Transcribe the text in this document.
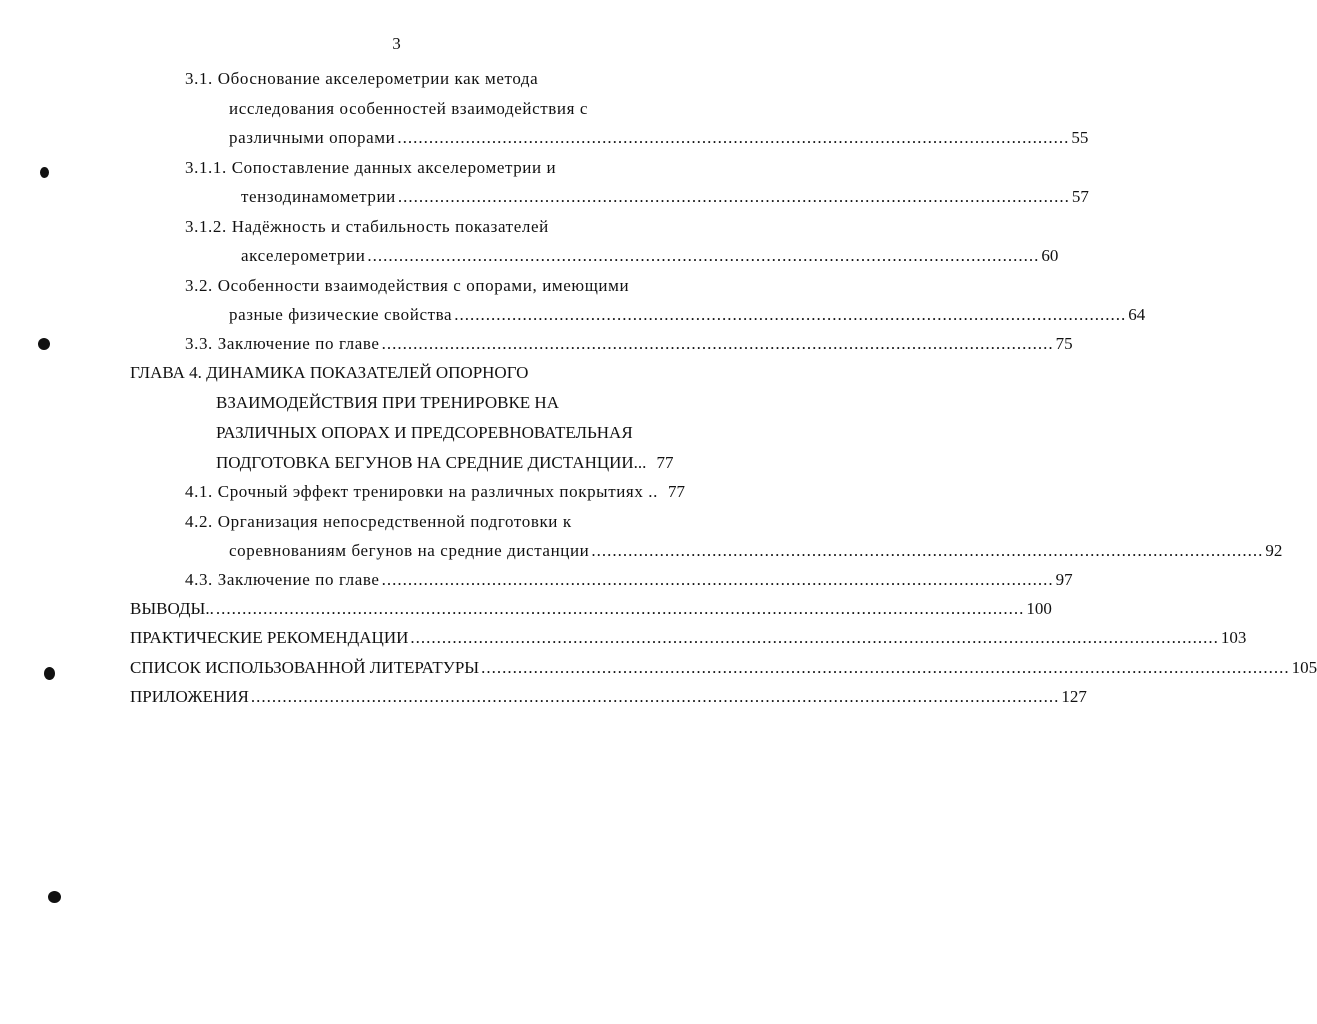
3
3.1. Обоснование акселерометрии как метода
исследования особенностей взаимодействия с
различными опорами ................................................................................................................................ 55
3.1.1. Сопоставление данных акселерометрии и
тензодинамометрии ................................................................................................................................ 57
3.1.2. Надёжность и стабильность показателей
акселерометрии ................................................................................................................................ 60
3.2. Особенности взаимодействия с опорами, имеющими
разные физические свойства ................................................................................................................................ 64
3.3. Заключение по главе ................................................................................................................................ 75
ГЛАВА 4. ДИНАМИКА ПОКАЗАТЕЛЕЙ ОПОРНОГО
ВЗАИМОДЕЙСТВИЯ ПРИ ТРЕНИРОВКЕ НА
РАЗЛИЧНЫХ ОПОРАХ И ПРЕДСОРЕВНОВАТЕЛЬНАЯ
ПОДГОТОВКА БЕГУНОВ НА СРЕДНИЕ ДИСТАНЦИИ... 77
4.1. Срочный эффект тренировки на различных покрытиях .. 77
4.2. Организация непосредственной подготовки к
соревнованиям бегунов на средние дистанции ................................................................................................................................ 92
4.3. Заключение по главе ................................................................................................................................ 97
ВЫВОДЫ.. .......................................................................................................................................................... 100
ПРАКТИЧЕСКИЕ РЕКОМЕНДАЦИИ .......................................................................................................................................................... 103
СПИСОК ИСПОЛЬЗОВАННОЙ ЛИТЕРАТУРЫ .......................................................................................................................................................... 105
ПРИЛОЖЕНИЯ .......................................................................................................................................................... 127
